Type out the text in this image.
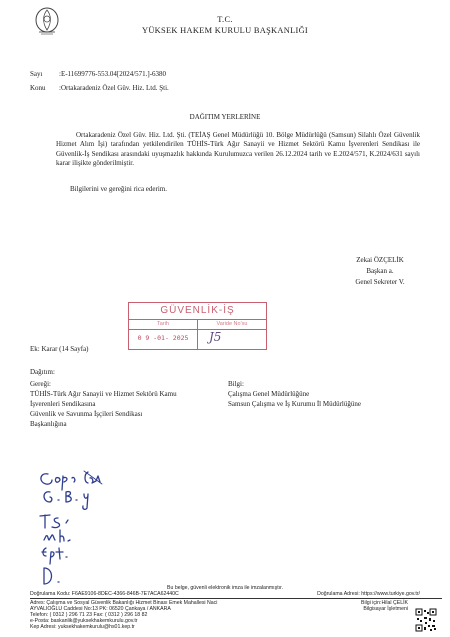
T.C.
YÜKSEK HAKEM KURULU BAŞKANLIĞI
Sayı :E-11699776-553.04[2024/571.]-6380
Konu :Ortakaradeniz Özel Güv. Hiz. Ltd. Şti.
DAĞITIM YERLERİNE
Ortakaradeniz Özel Güv. Hiz. Ltd. Şti. (TEİAŞ Genel Müdürlüğü 10. Bölge Müdürlüğü (Samsun) Silahlı Özel Güvenlik Hizmet Alım İşi) tarafından yetkilendirilen TÜHİS-Türk Ağır Sanayii ve Hizmet Sektörü Kamu İşverenleri Sendikası ile Güvenlik-İş Sendikası arasındaki uyuşmazlık hakkında Kurulumuzca verilen 26.12.2024 tarih ve E.2024/571, K.2024/631 sayılı karar ilişikte gönderilmiştir.
Bilgilerini ve gereğini rica ederim.
Zekai ÖZÇELİK
Başkan a.
Genel Sekreter V.
GÜVENLİK-İŞ
Tarih	Varide No'su
0 9 -01- 2025	J5
Ek: Karar (14 Sayfa)
Dağıtım:
Gereği:
TÜHİS-Türk Ağır Sanayii ve Hizmet Sektörü Kamu
İşverenleri Sendikasına
Güvenlik ve Savunma İşçileri Sendikası
Başkanlığına
Bilgi:
Çalışma Genel Müdürlüğüne
Samsun Çalışma ve İş Kurumu İl Müdürlüğüne
Bu belge, güvenli elektronik imza ile imzalanmıştır.
Doğrulama Kodu: F6AE9106-8DEC-4366-846B-7E7ACA62440C	Doğrulama Adresi: https://www.turkiye.gov.tr/
Adres: Çalışma ve Sosyal Güvenlik Bakanlığı Hizmet Binası Emek Mahallesi Naci	Bilgi için:Hilal ÇELİK
AYVALIOĞLU Caddesi No:13 PK: 06520 Çankaya / ANKARA	Bilgisayar İşletmeni
Telefon: ( 0312 ) 296 71 23 Fax: ( 0312 ) 296 18 82
e-Posta: baskanlik@yuksekhakemkurulu.gov.tr
Kep Adresi: yuksekhakemkurulu@hs01.kep.tr
